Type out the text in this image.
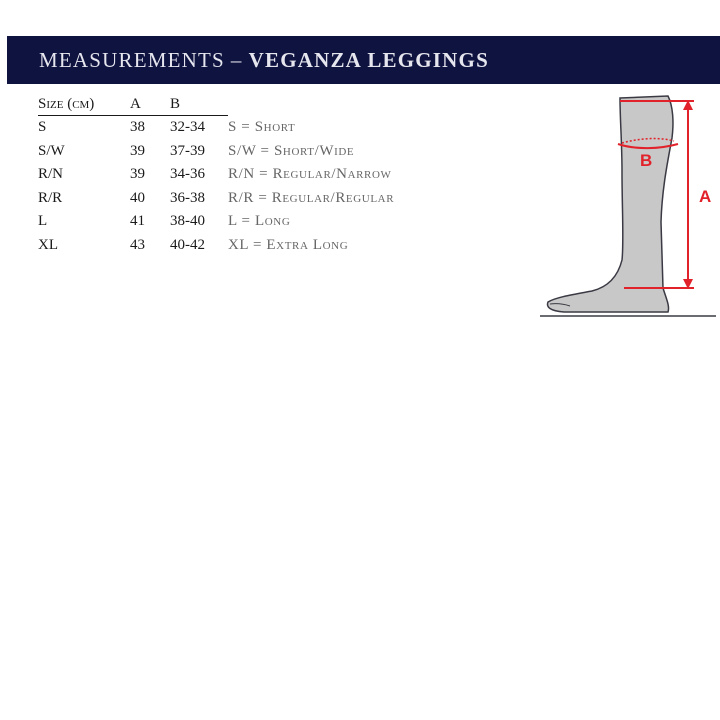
MEASUREMENTS – VEGANZA LEGGINGS
Size (cm)	A	B	
S	38	32-34	S = Short
S/W	39	37-39	S/W = Short/Wide
R/N	39	34-36	R/N = Regular/Narrow
R/R	40	36-38	R/R = Regular/Regular
L	41	38-40	L = Long
XL	43	40-42	XL = Extra Long
A
B
